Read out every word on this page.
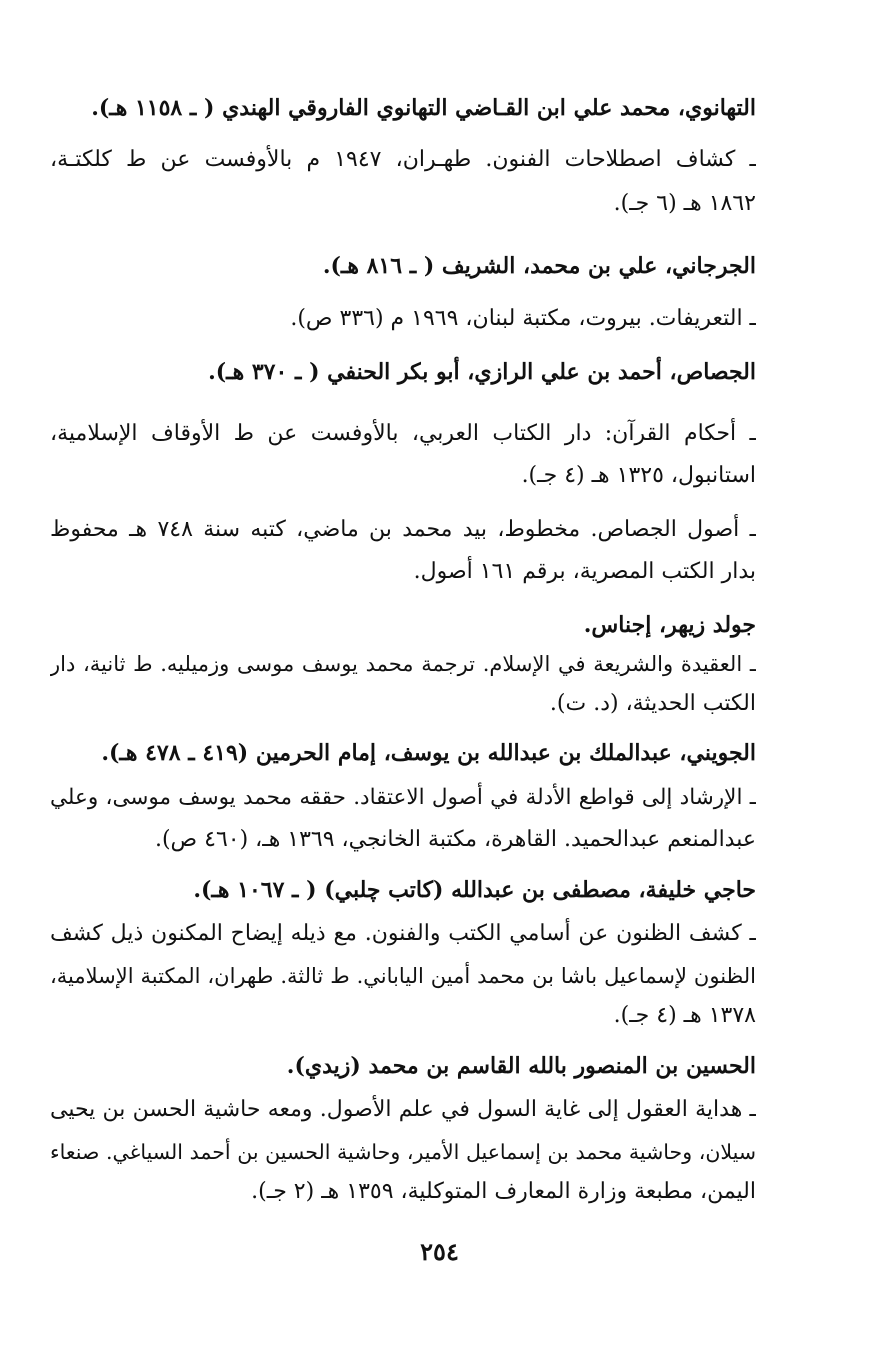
التهانوي، محمد علي ابن القـاضي التهانوي الفاروقي الهندي ( ـ ١١٥٨ هـ).
ـ كشاف اصطلاحات الفنون. طهـران، ١٩٤٧ م بالأوفست عن ط كلكتـة،
١٨٦٢ هـ (٦ جـ).
الجرجاني، علي بن محمد، الشريف ( ـ ٨١٦ هـ).
ـ التعريفات. بيروت، مكتبة لبنان، ١٩٦٩ م (٣٣٦ ص).
الجصاص، أحمد بن علي الرازي، أبو بكر الحنفي ( ـ ٣٧٠ هـ).
ـ أحكام القرآن: دار الكتاب العربي، بالأوفست عن ط الأوقاف الإسلامية،
استانبول، ١٣٢٥ هـ (٤ جـ).
ـ أصول الجصاص. مخطوط، بيد محمد بن ماضي، كتبه سنة ٧٤٨ هـ محفوظ
بدار الكتب المصرية، برقم ١٦١ أصول.
جولد زيهر، إجناس.
ـ العقيدة والشريعة في الإسلام. ترجمة محمد يوسف موسى وزميليه. ط ثانية، دار
الكتب الحديثة، (د. ت).
الجويني، عبدالملك بن عبدالله بن يوسف، إمام الحرمين (٤١٩ ـ ٤٧٨ هـ).
ـ الإرشاد إلى قواطع الأدلة في أصول الاعتقاد. حققه محمد يوسف موسى، وعلي
عبدالمنعم عبدالحميد. القاهرة، مكتبة الخانجي، ١٣٦٩ هـ، (٤٦٠ ص).
حاجي خليفة، مصطفى بن عبدالله (كاتب چلبي) ( ـ ١٠٦٧ هـ).
ـ كشف الظنون عن أسامي الكتب والفنون. مع ذيله إيضاح المكنون ذيل كشف
الظنون لإسماعيل باشا بن محمد أمين الياباني. ط ثالثة. طهران، المكتبة الإسلامية،
١٣٧٨ هـ (٤ جـ).
الحسين بن المنصور بالله القاسم بن محمد (زيدي).
ـ هداية العقول إلى غاية السول في علم الأصول. ومعه حاشية الحسن بن يحيى
سيلان، وحاشية محمد بن إسماعيل الأمير، وحاشية الحسين بن أحمد السياغي. صنعاء
اليمن، مطبعة وزارة المعارف المتوكلية، ١٣٥٩ هـ (٢ جـ).
٢٥٤
